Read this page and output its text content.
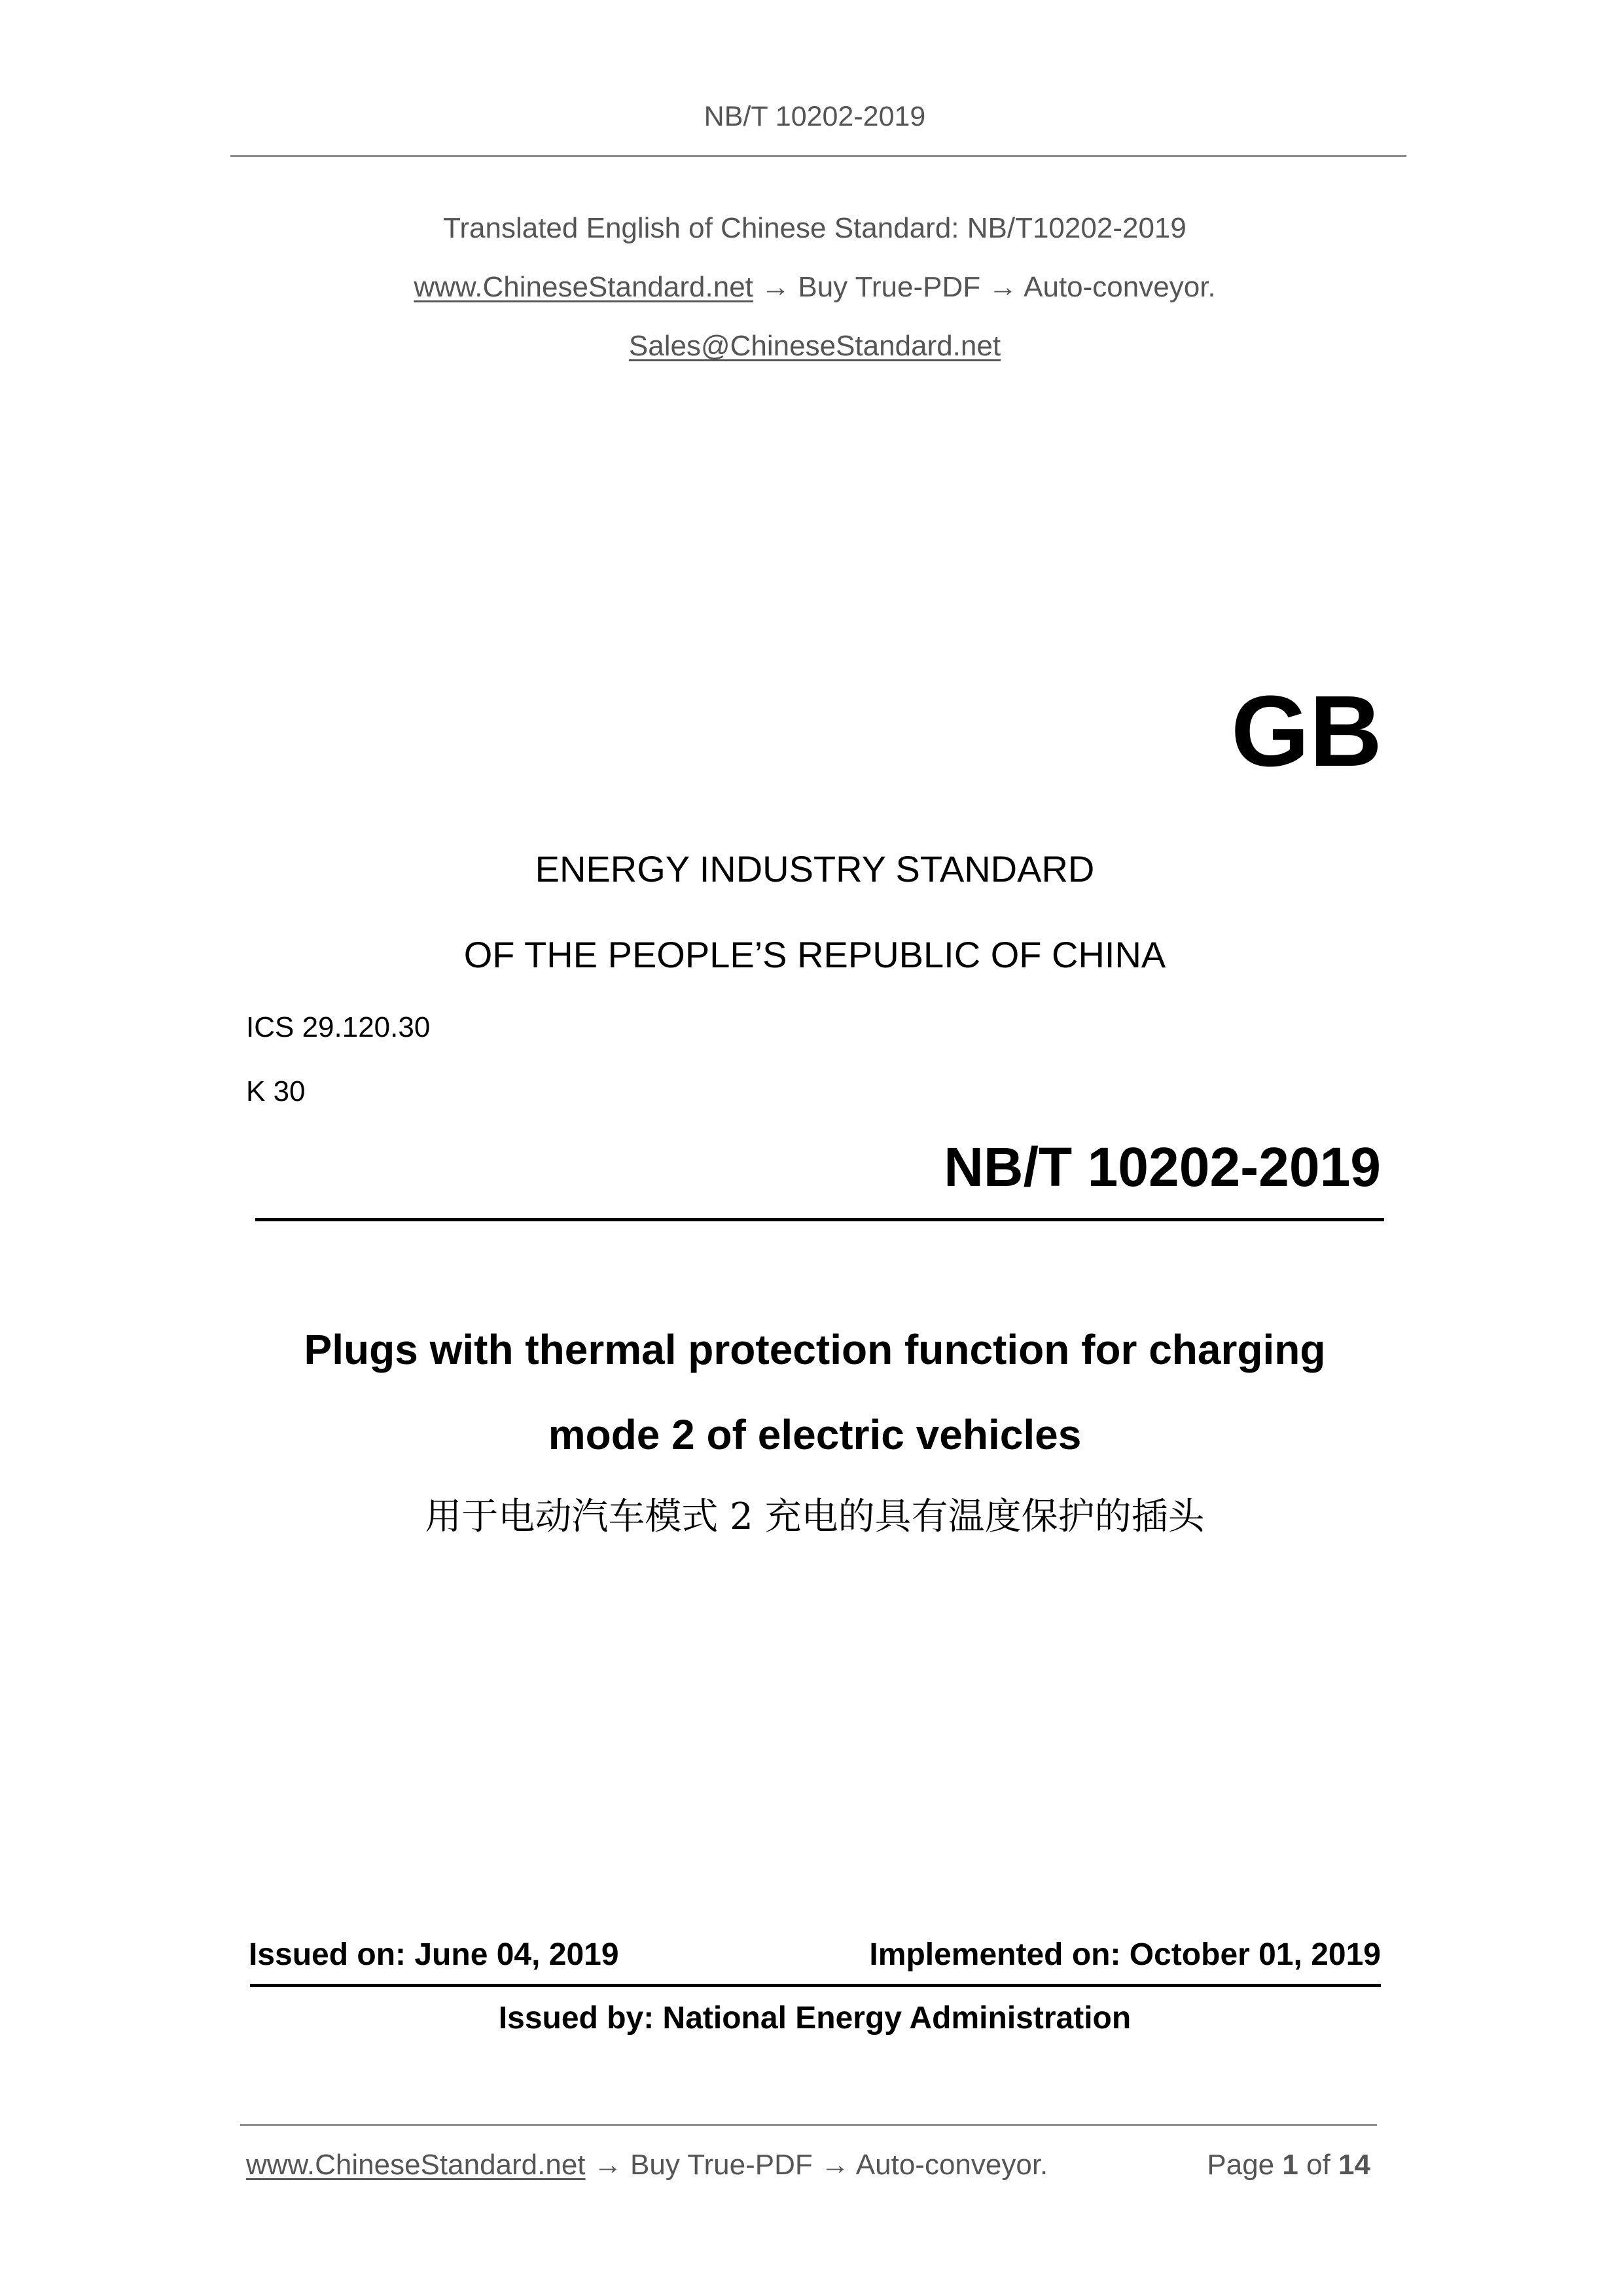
NB/T 10202-2019
Translated English of Chinese Standard: NB/T10202-2019
www.ChineseStandard.net → Buy True-PDF → Auto-conveyor.
Sales@ChineseStandard.net
GB
ENERGY INDUSTRY STANDARD
OF THE PEOPLE’S REPUBLIC OF CHINA
ICS 29.120.30
K 30
NB/T 10202-2019
Plugs with thermal protection function for charging
mode 2 of electric vehicles
用于电动汽车模式 2 充电的具有温度保护的插头
Issued on: June 04, 2019	Implemented on: October 01, 2019
Issued by: National Energy Administration
www.ChineseStandard.net → Buy True-PDF → Auto-conveyor.	Page 1 of 14
